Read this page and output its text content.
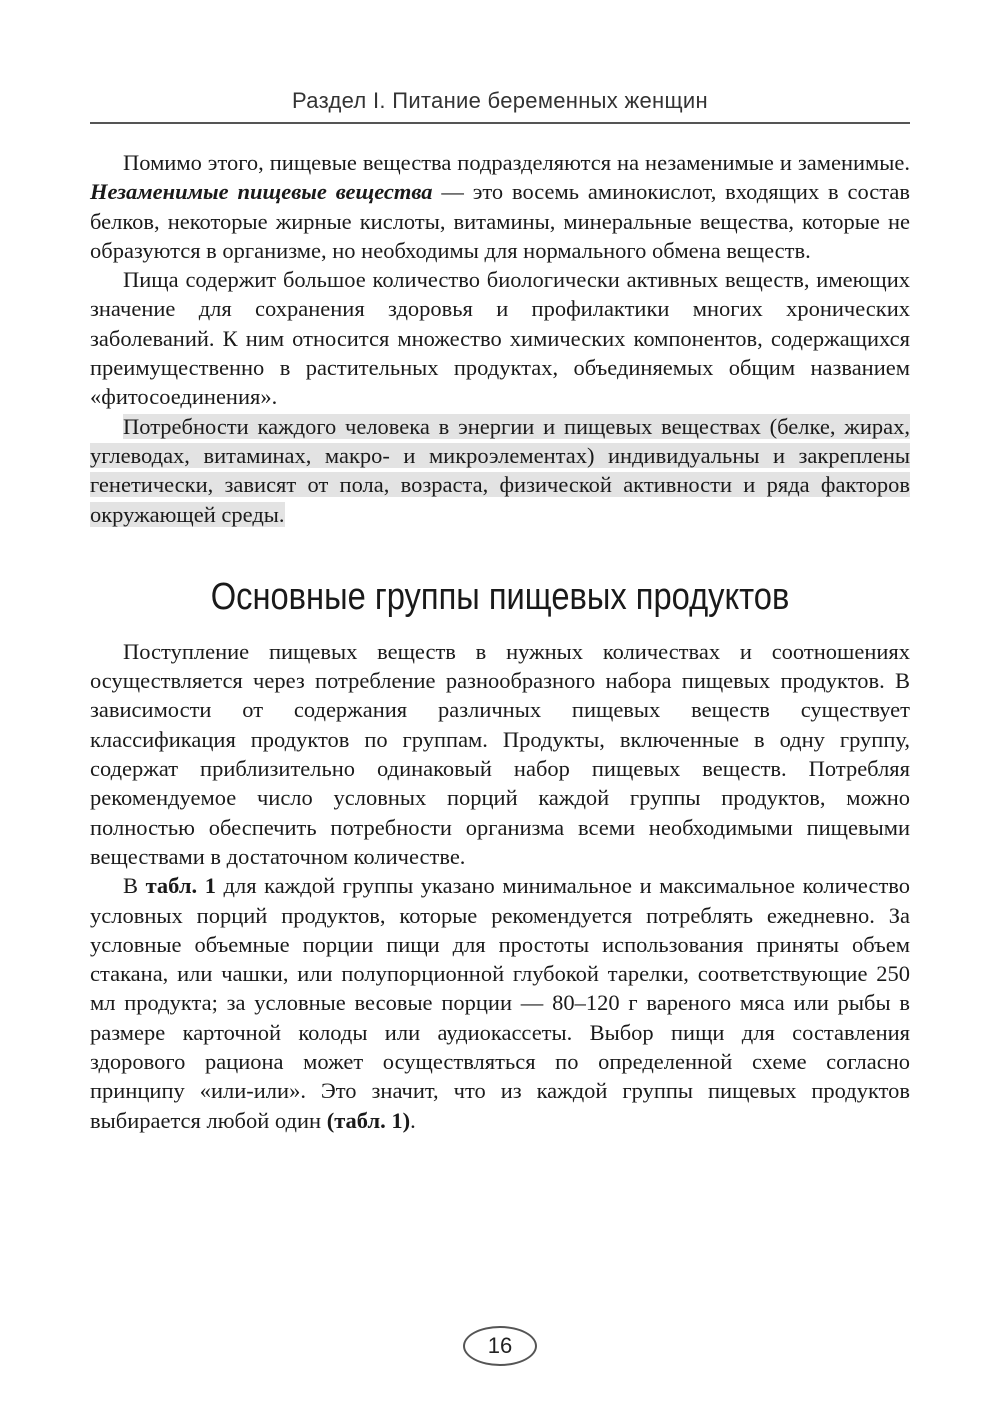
Раздел I. Питание беременных женщин

Помимо этого, пищевые вещества подразделяются на незаменимые и заменимые. Незаменимые пищевые вещества — это восемь аминокислот, входящих в состав белков, некоторые жирные кислоты, витамины, минеральные вещества, которые не образуются в организме, но необходимы для нормального обмена веществ.

Пища содержит большое количество биологически активных веществ, имеющих значение для сохранения здоровья и профилактики многих хронических заболеваний. К ним относится множество химических компонентов, содержащихся преимущественно в растительных продуктах, объединяемых общим названием «фитосоединения».

Потребности каждого человека в энергии и пищевых веществах (белке, жирах, углеводах, витаминах, макро- и микроэлементах) индивидуальны и закреплены генетически, зависят от пола, возраста, физической активности и ряда факторов окружающей среды.

Основные группы пищевых продуктов

Поступление пищевых веществ в нужных количествах и соотношениях осуществляется через потребление разнообразного набора пищевых продуктов. В зависимости от содержания различных пищевых веществ существует классификация продуктов по группам. Продукты, включенные в одну группу, содержат приблизительно одинаковый набор пищевых веществ. Потребляя рекомендуемое число условных порций каждой группы продуктов, можно полностью обеспечить потребности организма всеми необходимыми пищевыми веществами в достаточном количестве.

В табл. 1 для каждой группы указано минимальное и максимальное количество условных порций продуктов, которые рекомендуется потреблять ежедневно. За условные объемные порции пищи для простоты использования приняты объем стакана, или чашки, или полупорционной глубокой тарелки, соответствующие 250 мл продукта; за условные весовые порции — 80–120 г вареного мяса или рыбы в размере карточной колоды или аудиокассеты. Выбор пищи для составления здорового рациона может осуществляться по определенной схеме согласно принципу «или-или». Это значит, что из каждой группы пищевых продуктов выбирается любой один (табл. 1).

16
